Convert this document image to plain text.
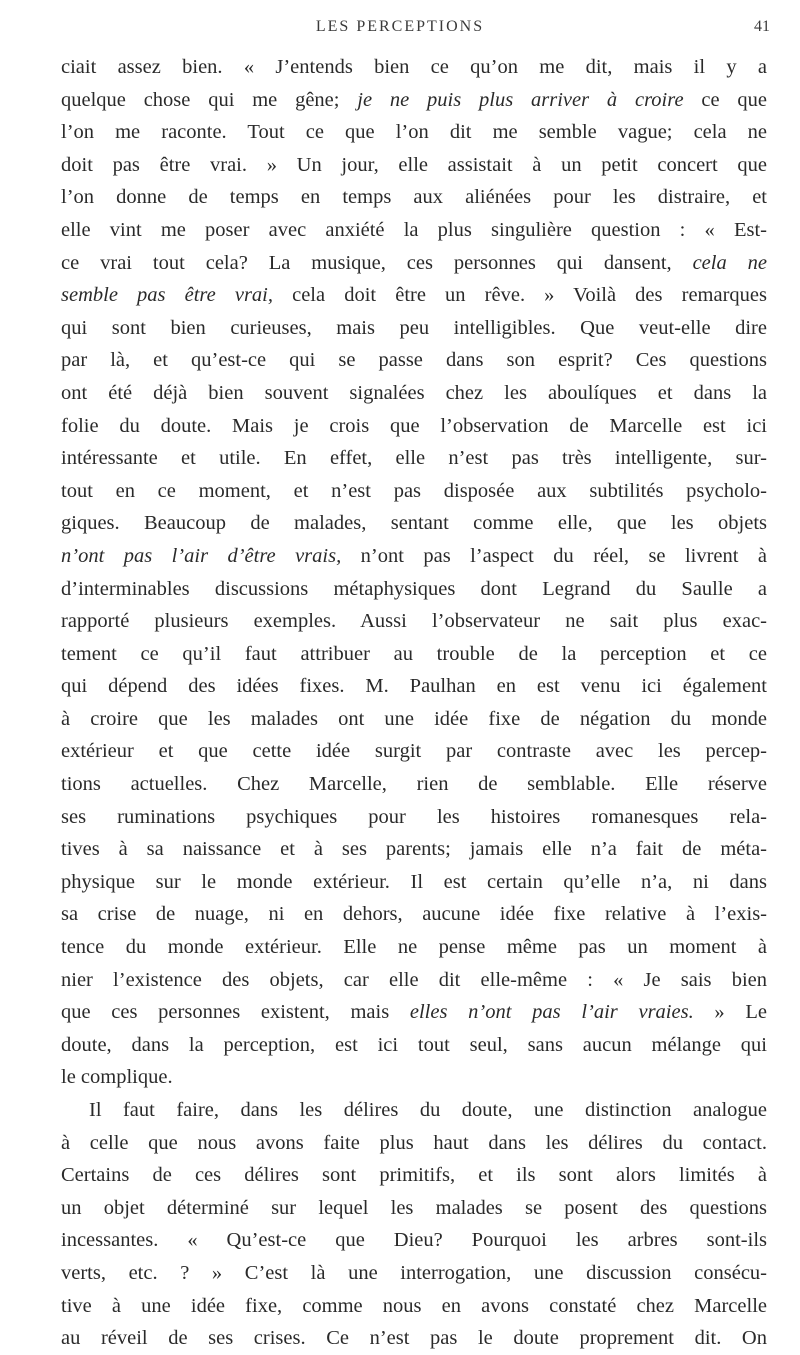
LES PERCEPTIONS	41
ciait assez bien. « J’entends bien ce qu’on me dit, mais il y a
quelque chose qui me gêne; je ne puis plus arriver à croire ce que
l’on me raconte. Tout ce que l’on dit me semble vague; cela ne
doit pas être vrai. » Un jour, elle assistait à un petit concert que
l’on donne de temps en temps aux aliénées pour les distraire, et
elle vint me poser avec anxiété la plus singulière question : « Est-
ce vrai tout cela? La musique, ces personnes qui dansent, cela ne
semble pas être vrai, cela doit être un rêve. » Voilà des remarques
qui sont bien curieuses, mais peu intelligibles. Que veut-elle dire
par là, et qu’est-ce qui se passe dans son esprit? Ces questions
ont été déjà bien souvent signalées chez les aboulíques et dans la
folie du doute. Mais je crois que l’observation de Marcelle est ici
intéressante et utile. En effet, elle n’est pas très intelligente, sur-
tout en ce moment, et n’est pas disposée aux subtilités psycholo-
giques. Beaucoup de malades, sentant comme elle, que les objets
n’ont pas l’air d’être vrais, n’ont pas l’aspect du réel, se livrent à
d’interminables discussions métaphysiques dont Legrand du Saulle a
rapporté plusieurs exemples. Aussi l’observateur ne sait plus exac-
tement ce qu’il faut attribuer au trouble de la perception et ce
qui dépend des idées fixes. M. Paulhan en est venu ici également
à croire que les malades ont une idée fixe de négation du monde
extérieur et que cette idée surgit par contraste avec les percep-
tions actuelles. Chez Marcelle, rien de semblable. Elle réserve
ses ruminations psychiques pour les histoires romanesques rela-
tives à sa naissance et à ses parents; jamais elle n’a fait de méta-
physique sur le monde extérieur. Il est certain qu’elle n’a, ni dans
sa crise de nuage, ni en dehors, aucune idée fixe relative à l’exis-
tence du monde extérieur. Elle ne pense même pas un moment à
nier l’existence des objets, car elle dit elle-même : « Je sais bien
que ces personnes existent, mais elles n’ont pas l’air vraies. » Le
doute, dans la perception, est ici tout seul, sans aucun mélange qui
le complique.
Il faut faire, dans les délires du doute, une distinction analogue
à celle que nous avons faite plus haut dans les délires du contact.
Certains de ces délires sont primitifs, et ils sont alors limités à
un objet déterminé sur lequel les malades se posent des questions
incessantes. « Qu’est-ce que Dieu? Pourquoi les arbres sont-ils
verts, etc. ? » C’est là une interrogation, une discussion consécu-
tive à une idée fixe, comme nous en avons constaté chez Marcelle
au réveil de ses crises. Ce n’est pas le doute proprement dit. On
